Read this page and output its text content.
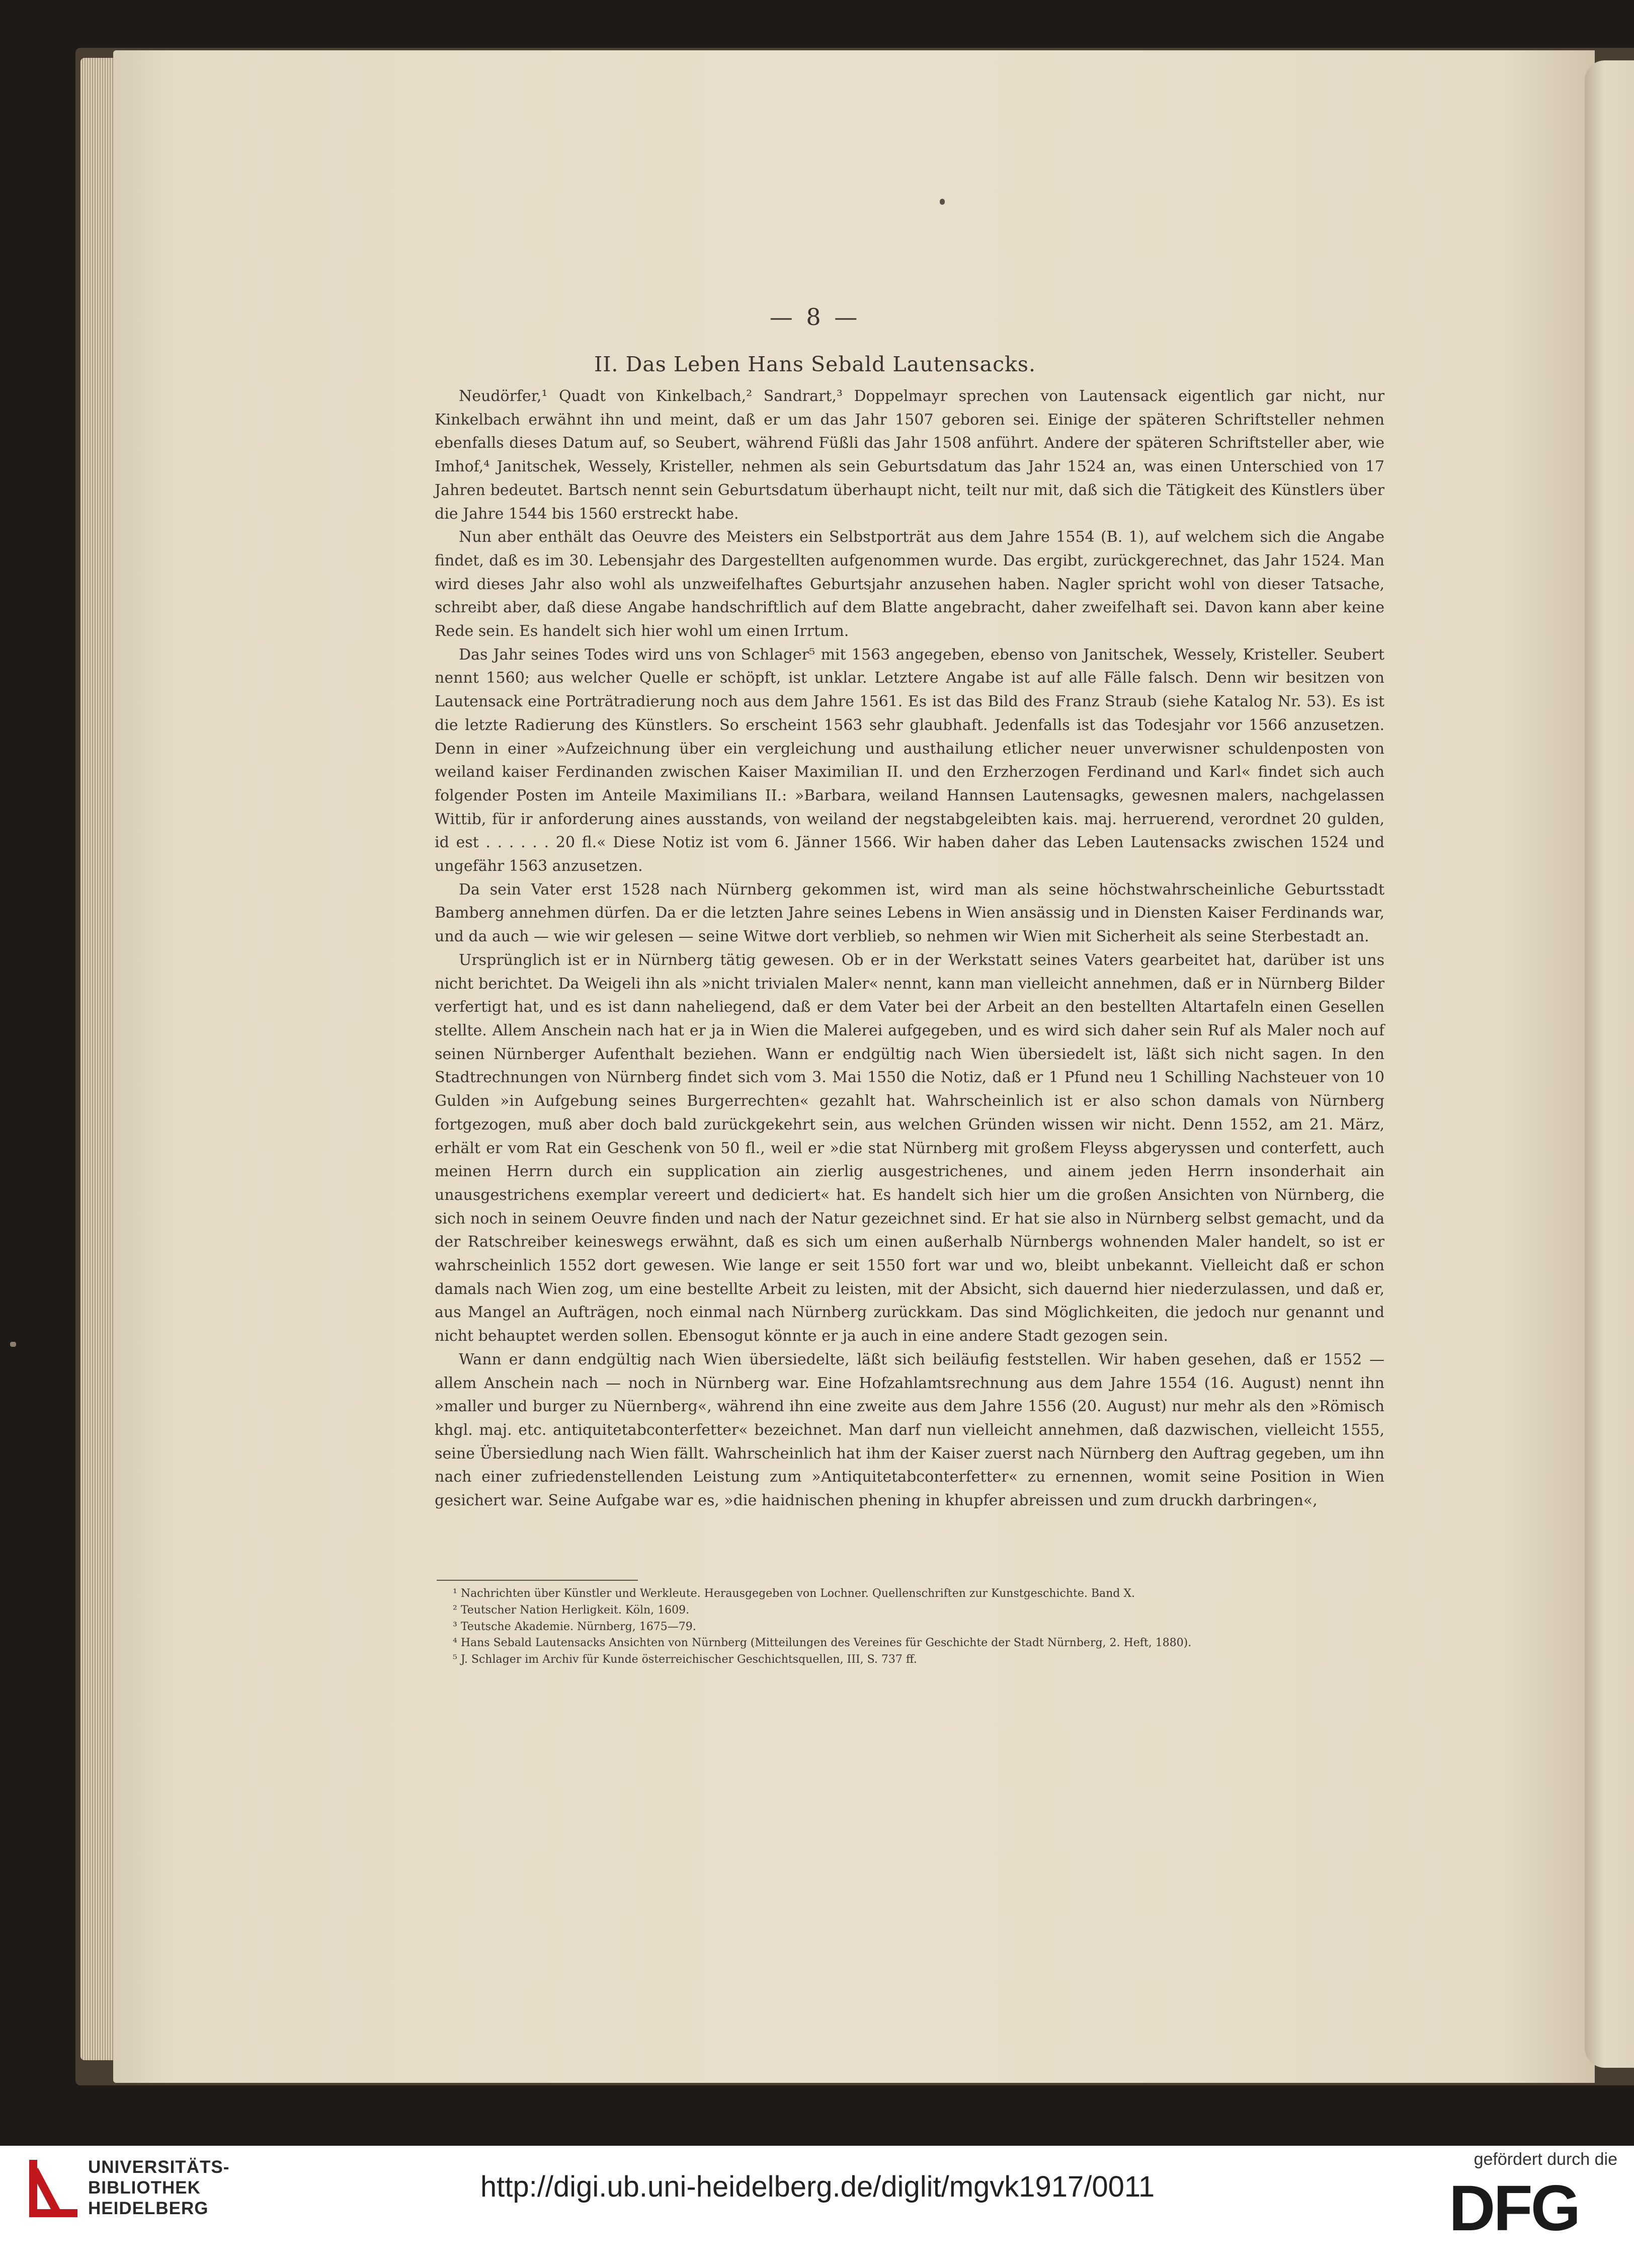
— 8 —
II. Das Leben Hans Sebald Lautensacks.

Neudörfer,¹ Quadt von Kinkelbach,² Sandrart,³ Doppelmayr sprechen von Lautensack eigentlich gar nicht, nur Kinkelbach erwähnt ihn und meint, daß er um das Jahr 1507 geboren sei. Einige der späteren Schriftsteller nehmen ebenfalls dieses Datum auf, so Seubert, während Füßli das Jahr 1508 anführt. Andere der späteren Schriftsteller aber, wie Imhof,⁴ Janitschek, Wessely, Kristeller, nehmen als sein Geburtsdatum das Jahr 1524 an, was einen Unterschied von 17 Jahren bedeutet. Bartsch nennt sein Geburtsdatum überhaupt nicht, teilt nur mit, daß sich die Tätigkeit des Künstlers über die Jahre 1544 bis 1560 erstreckt habe.

Nun aber enthält das Oeuvre des Meisters ein Selbstporträt aus dem Jahre 1554 (B. 1), auf welchem sich die Angabe findet, daß es im 30. Lebensjahr des Dargestellten aufgenommen wurde. Das ergibt, zurückgerechnet, das Jahr 1524. Man wird dieses Jahr also wohl als unzweifelhaftes Geburtsjahr anzusehen haben. Nagler spricht wohl von dieser Tatsache, schreibt aber, daß diese Angabe handschriftlich auf dem Blatte angebracht, daher zweifelhaft sei. Davon kann aber keine Rede sein. Es handelt sich hier wohl um einen Irrtum.

Das Jahr seines Todes wird uns von Schlager⁵ mit 1563 angegeben, ebenso von Janitschek, Wessely, Kristeller. Seubert nennt 1560; aus welcher Quelle er schöpft, ist unklar. Letztere Angabe ist auf alle Fälle falsch. Denn wir besitzen von Lautensack eine Porträtradierung noch aus dem Jahre 1561. Es ist das Bild des Franz Straub (siehe Katalog Nr. 53). Es ist die letzte Radierung des Künstlers. So erscheint 1563 sehr glaubhaft. Jedenfalls ist das Todesjahr vor 1566 anzusetzen. Denn in einer »Aufzeichnung über ein vergleichung und austhailung etlicher neuer unverwisner schuldenposten von weiland kaiser Ferdinanden zwischen Kaiser Maximilian II. und den Erzherzogen Ferdinand und Karl« findet sich auch folgender Posten im Anteile Maximilians II.: »Barbara, weiland Hannsen Lautensagks, gewesnen malers, nachgelassen Wittib, für ir anforderung aines ausstands, von weiland der negstabgeleibten kais. maj. herruerend, verordnet 20 gulden, id est . . . . . . 20 fl.« Diese Notiz ist vom 6. Jänner 1566. Wir haben daher das Leben Lautensacks zwischen 1524 und ungefähr 1563 anzusetzen.

Da sein Vater erst 1528 nach Nürnberg gekommen ist, wird man als seine höchstwahrscheinliche Geburtsstadt Bamberg annehmen dürfen. Da er die letzten Jahre seines Lebens in Wien ansässig und in Diensten Kaiser Ferdinands war, und da auch — wie wir gelesen — seine Witwe dort verblieb, so nehmen wir Wien mit Sicherheit als seine Sterbestadt an.

Ursprünglich ist er in Nürnberg tätig gewesen. Ob er in der Werkstatt seines Vaters gearbeitet hat, darüber ist uns nicht berichtet. Da Weigeli ihn als »nicht trivialen Maler« nennt, kann man vielleicht annehmen, daß er in Nürnberg Bilder verfertigt hat, und es ist dann naheliegend, daß er dem Vater bei der Arbeit an den bestellten Altartafeln einen Gesellen stellte. Allem Anschein nach hat er ja in Wien die Malerei aufgegeben, und es wird sich daher sein Ruf als Maler noch auf seinen Nürnberger Aufenthalt beziehen. Wann er endgültig nach Wien übersiedelt ist, läßt sich nicht sagen. In den Stadtrechnungen von Nürnberg findet sich vom 3. Mai 1550 die Notiz, daß er 1 Pfund neu 1 Schilling Nachsteuer von 10 Gulden »in Aufgebung seines Burgerrechten« gezahlt hat. Wahrscheinlich ist er also schon damals von Nürnberg fortgezogen, muß aber doch bald zurückgekehrt sein, aus welchen Gründen wissen wir nicht. Denn 1552, am 21. März, erhält er vom Rat ein Geschenk von 50 fl., weil er »die stat Nürnberg mit großem Fleyss abgeryssen und conterfett, auch meinen Herrn durch ein supplication ain zierlig ausgestrichenes, und ainem jeden Herrn insonderhait ain unausgestrichens exemplar vereert und dediciert« hat. Es handelt sich hier um die großen Ansichten von Nürnberg, die sich noch in seinem Oeuvre finden und nach der Natur gezeichnet sind. Er hat sie also in Nürnberg selbst gemacht, und da der Ratschreiber keineswegs erwähnt, daß es sich um einen außerhalb Nürnbergs wohnenden Maler handelt, so ist er wahrscheinlich 1552 dort gewesen. Wie lange er seit 1550 fort war und wo, bleibt unbekannt. Vielleicht daß er schon damals nach Wien zog, um eine bestellte Arbeit zu leisten, mit der Absicht, sich dauernd hier niederzulassen, und daß er, aus Mangel an Aufträgen, noch einmal nach Nürnberg zurückkam. Das sind Möglichkeiten, die jedoch nur genannt und nicht behauptet werden sollen. Ebensogut könnte er ja auch in eine andere Stadt gezogen sein.

Wann er dann endgültig nach Wien übersiedelte, läßt sich beiläufig feststellen. Wir haben gesehen, daß er 1552 — allem Anschein nach — noch in Nürnberg war. Eine Hofzahlamtsrechnung aus dem Jahre 1554 (16. August) nennt ihn »maller und burger zu Nüernberg«, während ihn eine zweite aus dem Jahre 1556 (20. August) nur mehr als den »Römisch khgl. maj. etc. antiquitetabconterfetter« bezeichnet. Man darf nun vielleicht annehmen, daß dazwischen, vielleicht 1555, seine Übersiedlung nach Wien fällt. Wahrscheinlich hat ihm der Kaiser zuerst nach Nürnberg den Auftrag gegeben, um ihn nach einer zufriedenstellenden Leistung zum »Antiquitetabconterfetter« zu ernennen, womit seine Position in Wien gesichert war. Seine Aufgabe war es, »die haidnischen phening in khupfer abreissen und zum druckh darbringen«,

¹ Nachrichten über Künstler und Werkleute. Herausgegeben von Lochner. Quellenschriften zur Kunstgeschichte. Band X.
² Teutscher Nation Herligkeit. Köln, 1609.
³ Teutsche Akademie. Nürnberg, 1675—79.
⁴ Hans Sebald Lautensacks Ansichten von Nürnberg (Mitteilungen des Vereines für Geschichte der Stadt Nürnberg, 2. Heft, 1880).
⁵ J. Schlager im Archiv für Kunde österreichischer Geschichtsquellen, III, S. 737 ff.
UNIVERSITÄTS-
BIBLIOTHEK
HEIDELBERG
http://digi.ub.uni-heidelberg.de/diglit/mgvk1917/0011
gefördert durch die
DFG
